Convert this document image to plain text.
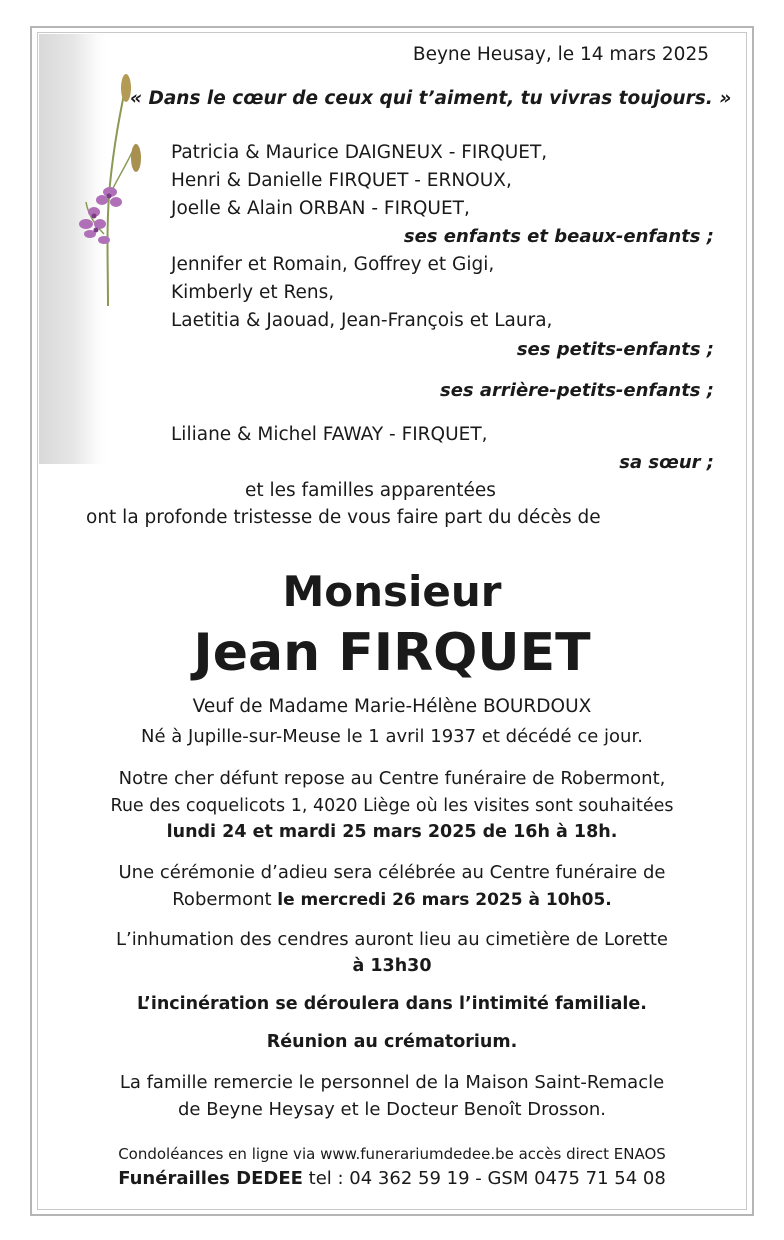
Beyne Heusay, le 14 mars 2025
« Dans le cœur de ceux qui t’aiment, tu vivras toujours. »
Patricia & Maurice DAIGNEUX - FIRQUET,
Henri & Danielle FIRQUET - ERNOUX,
Joelle & Alain ORBAN - FIRQUET,
ses enfants et beaux-enfants ;
Jennifer et Romain, Goffrey et Gigi,
Kimberly et Rens,
Laetitia & Jaouad, Jean-François et Laura,
ses petits-enfants ;
ses arrière-petits-enfants ;
Liliane & Michel FAWAY - FIRQUET,
sa sœur ;
et les familles apparentées
ont la profonde tristesse de vous faire part du décès de
Monsieur
Jean FIRQUET
Veuf de Madame Marie-Hélène BOURDOUX
Né à Jupille-sur-Meuse le 1 avril 1937 et décédé ce jour.
Notre cher défunt repose au Centre funéraire de Robermont,
Rue des coquelicots 1, 4020 Liège où les visites sont souhaitées
lundi 24 et mardi 25 mars 2025 de 16h à 18h.
Une cérémonie d’adieu sera célébrée au Centre funéraire de
Robermont le mercredi 26 mars 2025 à 10h05.
L’inhumation des cendres auront lieu au cimetière de Lorette
à 13h30
L’incinération se déroulera dans l’intimité familiale.
Réunion au crématorium.
La famille remercie le personnel de la Maison Saint-Remacle
de Beyne Heysay et le Docteur Benoît Drosson.
Condoléances en ligne via www.funerariumdedee.be accès direct ENAOS
Funérailles DEDEE tel : 04 362 59 19 - GSM 0475 71 54 08
